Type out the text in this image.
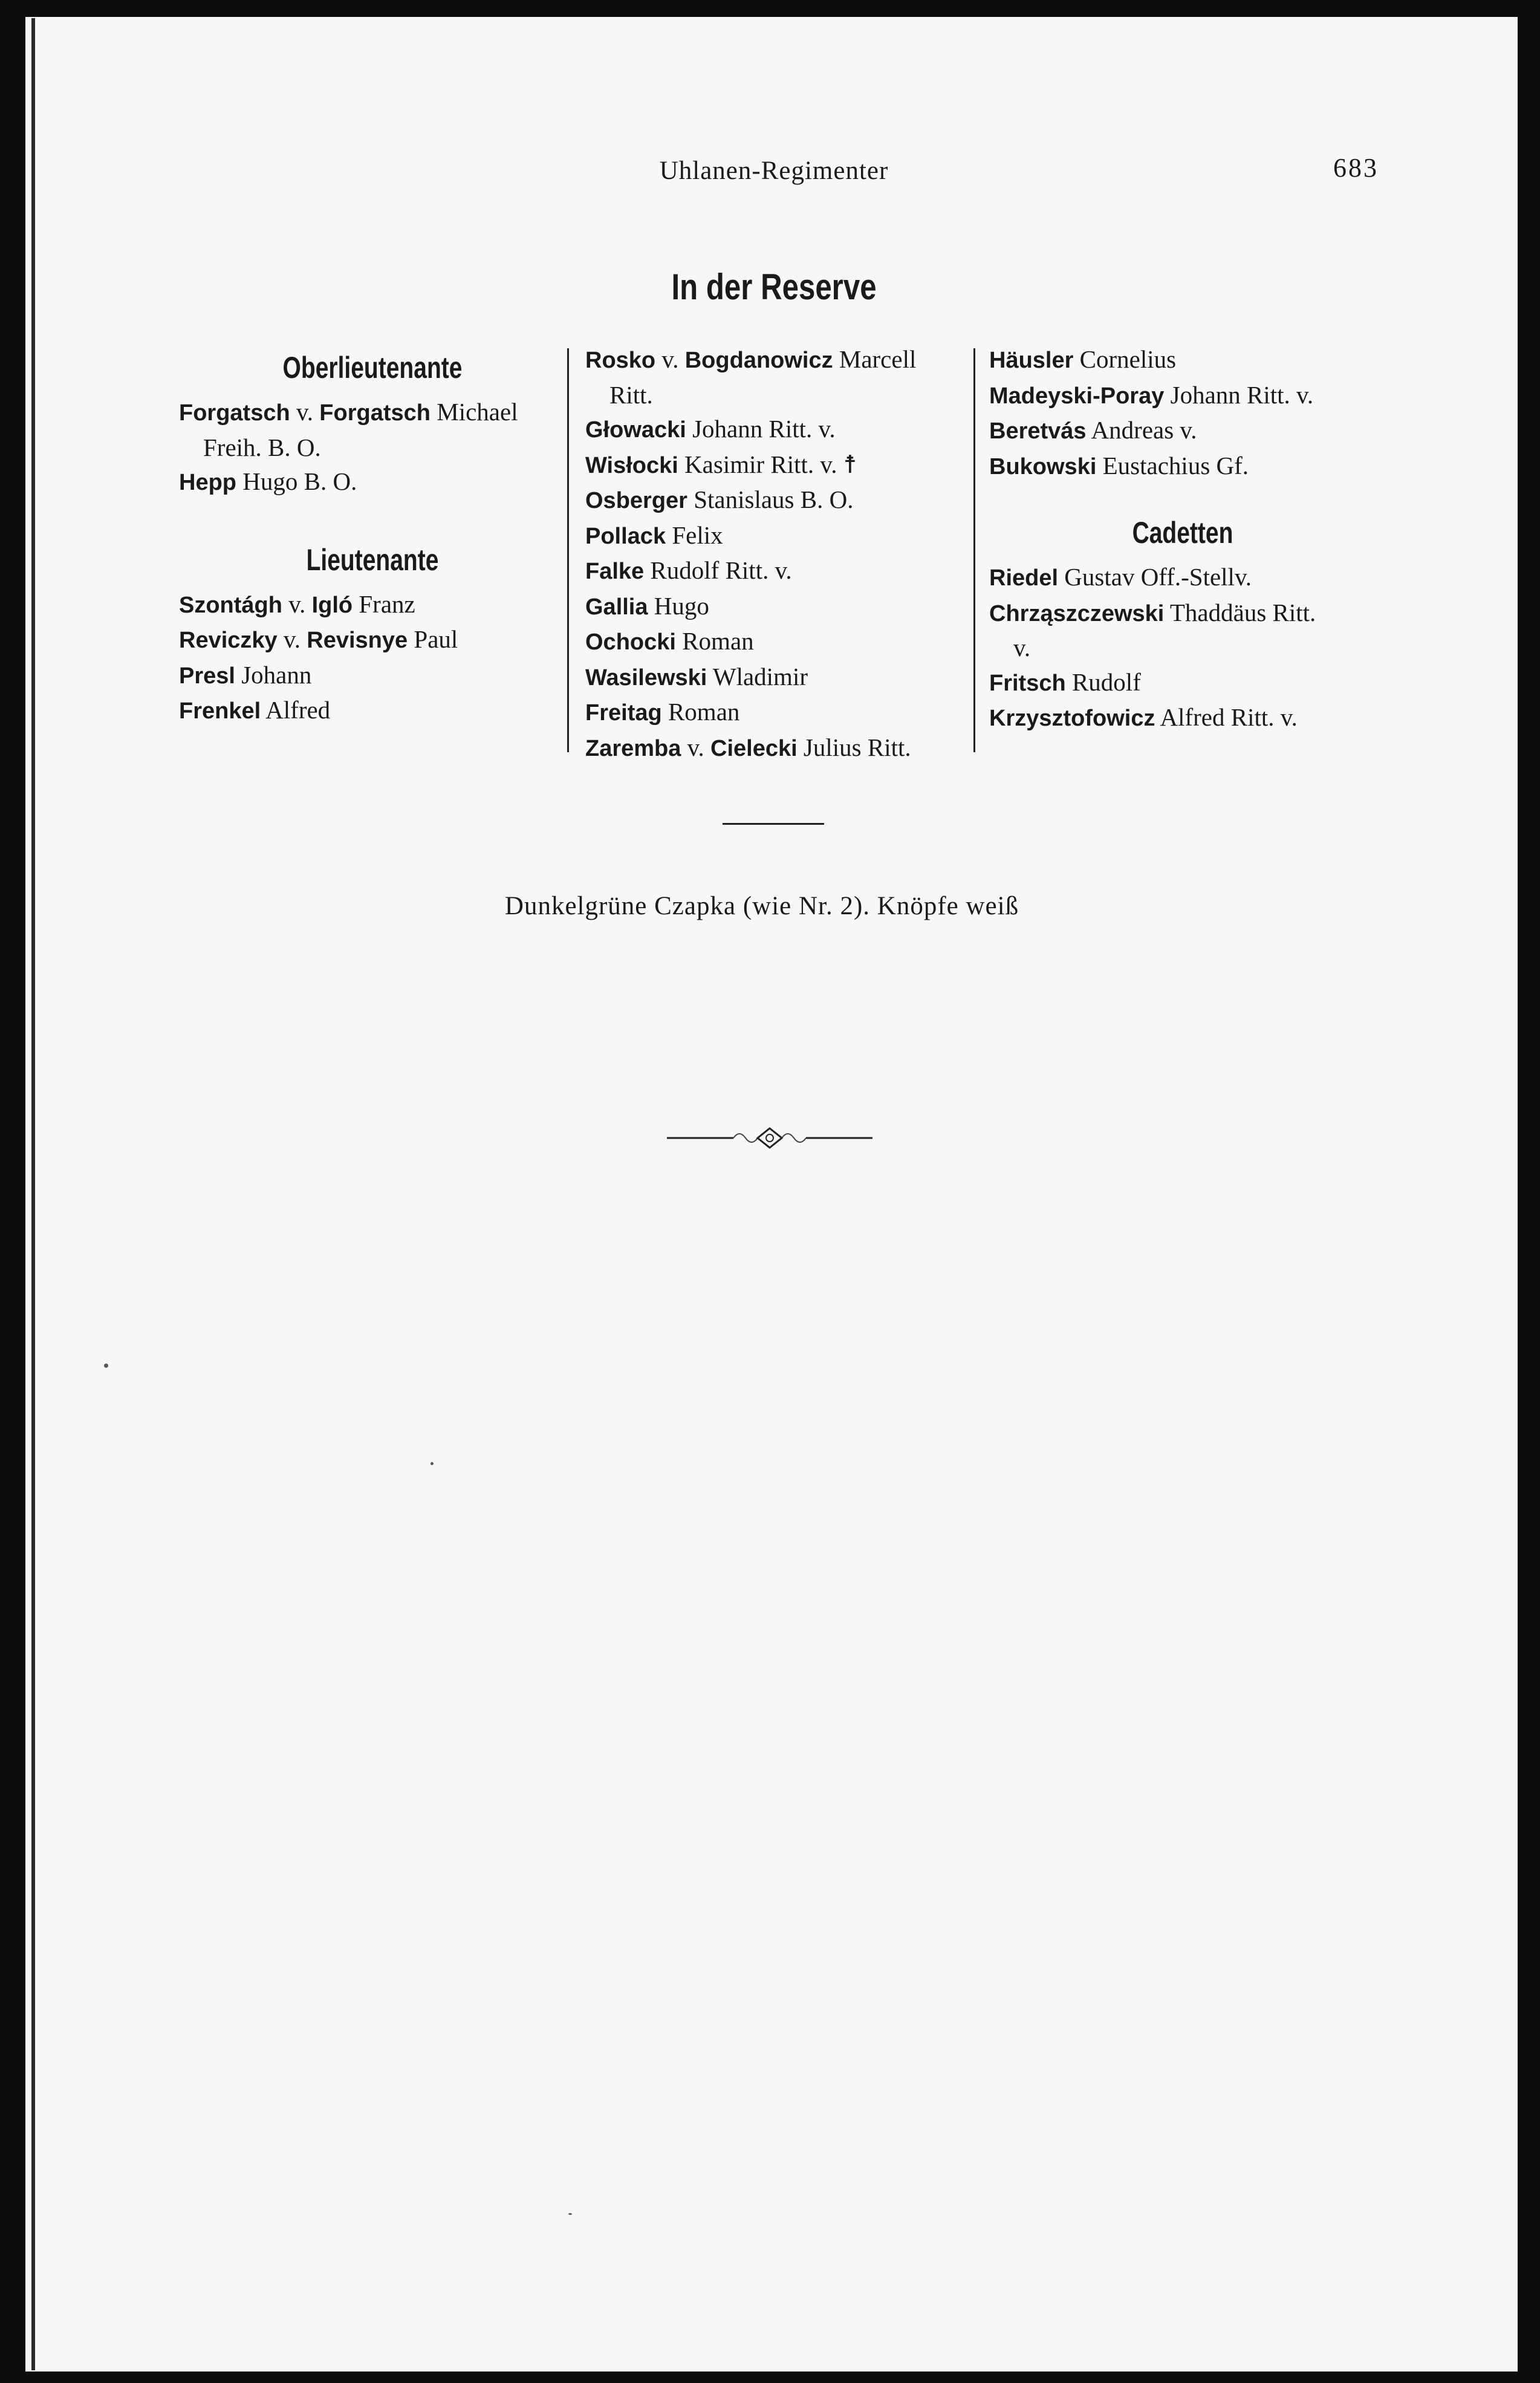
Uhlanen-Regimenter	683
In der Reserve
Oberlieutenante
Forgatsch v. Forgatsch Michael
Freih. B. O.
Hepp Hugo B. O.
Lieutenante
Szontágh v. Igló Franz
Reviczky v. Revisnye Paul
Presl Johann
Frenkel Alfred
Rosko v. Bogdanowicz Marcell
Ritt.
Głowacki Johann Ritt. v.
Wisłocki Kasimir Ritt. v. ☨
Osberger Stanislaus B. O.
Pollack Felix
Falke Rudolf Ritt. v.
Gallia Hugo
Ochocki Roman
Wasilewski Wladimir
Freitag Roman
Zaremba v. Cielecki Julius Ritt.
Häusler Cornelius
Madeyski-Poray Johann Ritt. v.
Beretvás Andreas v.
Bukowski Eustachius Gf.
Cadetten
Riedel Gustav Off.-Stellv.
Chrząszczewski Thaddäus Ritt.
v.
Fritsch Rudolf
Krzysztofowicz Alfred Ritt. v.
Dunkelgrüne Czapka (wie Nr. 2). Knöpfe weiß
